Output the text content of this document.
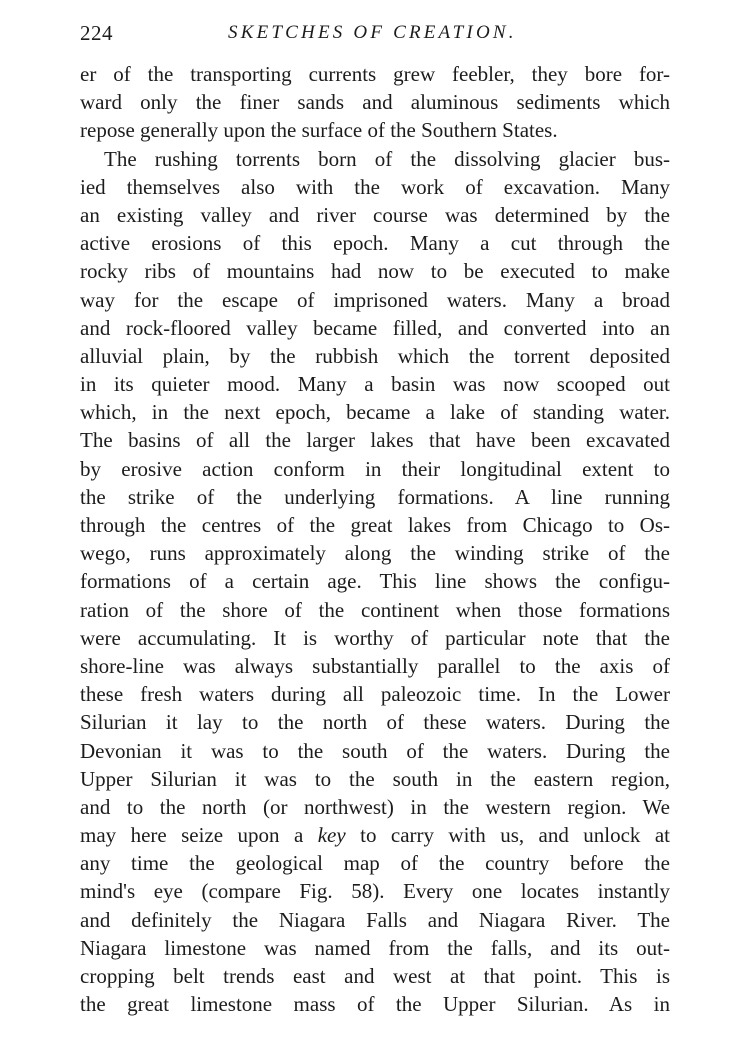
224	SKETCHES OF CREATION.
er of the transporting currents grew feebler, they bore for-
ward only the finer sands and aluminous sediments which
repose generally upon the surface of the Southern States.
The rushing torrents born of the dissolving glacier bus-
ied themselves also with the work of excavation. Many
an existing valley and river course was determined by the
active erosions of this epoch. Many a cut through the
rocky ribs of mountains had now to be executed to make
way for the escape of imprisoned waters. Many a broad
and rock-floored valley became filled, and converted into an
alluvial plain, by the rubbish which the torrent deposited
in its quieter mood. Many a basin was now scooped out
which, in the next epoch, became a lake of standing water.
The basins of all the larger lakes that have been excavated
by erosive action conform in their longitudinal extent to
the strike of the underlying formations. A line running
through the centres of the great lakes from Chicago to Os-
wego, runs approximately along the winding strike of the
formations of a certain age. This line shows the configu-
ration of the shore of the continent when those formations
were accumulating. It is worthy of particular note that the
shore-line was always substantially parallel to the axis of
these fresh waters during all paleozoic time. In the Lower
Silurian it lay to the north of these waters. During the
Devonian it was to the south of the waters. During the
Upper Silurian it was to the south in the eastern region,
and to the north (or northwest) in the western region. We
may here seize upon a key to carry with us, and unlock at
any time the geological map of the country before the
mind's eye (compare Fig. 58). Every one locates instantly
and definitely the Niagara Falls and Niagara River. The
Niagara limestone was named from the falls, and its out-
cropping belt trends east and west at that point. This is
the great limestone mass of the Upper Silurian. As in
